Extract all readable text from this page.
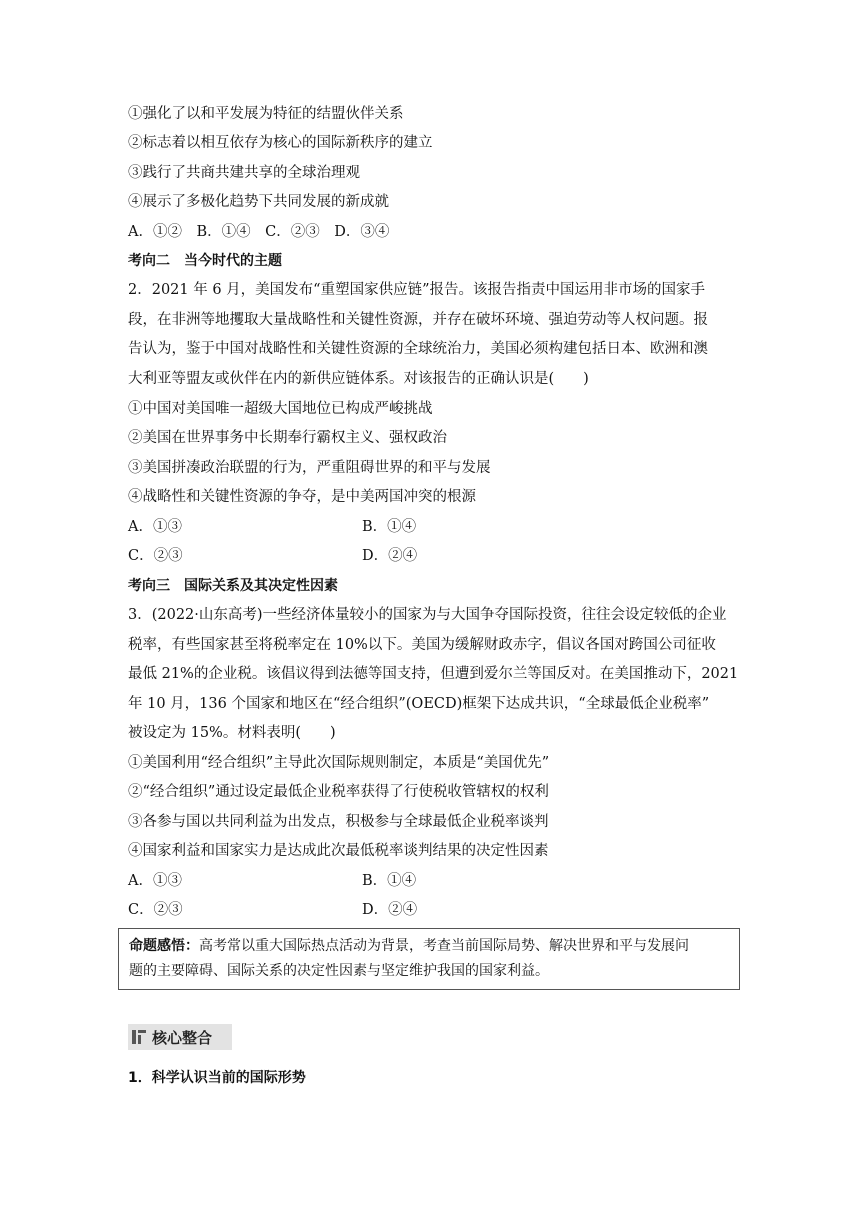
①强化了以和平发展为特征的结盟伙伴关系
②标志着以相互依存为核心的国际新秩序的建立
③践行了共商共建共享的全球治理观
④展示了多极化趋势下共同发展的新成就
A．①②　B．①④　C．②③　D．③④
考向二　当今时代的主题
2．2021 年 6 月，美国发布“重塑国家供应链”报告。该报告指责中国运用非市场的国家手
段，在非洲等地攫取大量战略性和关键性资源，并存在破坏环境、强迫劳动等人权问题。报
告认为，鉴于中国对战略性和关键性资源的全球统治力，美国必须构建包括日本、欧洲和澳
大利亚等盟友或伙伴在内的新供应链体系。对该报告的正确认识是(　　)
①中国对美国唯一超级大国地位已构成严峻挑战
②美国在世界事务中长期奉行霸权主义、强权政治
③美国拼凑政治联盟的行为，严重阻碍世界的和平与发展
④战略性和关键性资源的争夺，是中美两国冲突的根源
A．①③	B．①④
C．②③	D．②④
考向三　国际关系及其决定性因素
3．(2022·山东高考)一些经济体量较小的国家为与大国争夺国际投资，往往会设定较低的企业
税率，有些国家甚至将税率定在 10%以下。美国为缓解财政赤字，倡议各国对跨国公司征收
最低 21%的企业税。该倡议得到法德等国支持，但遭到爱尔兰等国反对。在美国推动下，2021
年 10 月，136 个国家和地区在“经合组织”(OECD)框架下达成共识，“全球最低企业税率”
被设定为 15%。材料表明(　　)
①美国利用“经合组织”主导此次国际规则制定，本质是“美国优先”
②“经合组织”通过设定最低企业税率获得了行使税收管辖权的权利
③各参与国以共同利益为出发点，积极参与全球最低企业税率谈判
④国家利益和国家实力是达成此次最低税率谈判结果的决定性因素
A．①③	B．①④
C．②③	D．②④
命题感悟：高考常以重大国际热点活动为背景，考查当前国际局势、解决世界和平与发展问
题的主要障碍、国际关系的决定性因素与坚定维护我国的国家利益。
核心整合
1．科学认识当前的国际形势
